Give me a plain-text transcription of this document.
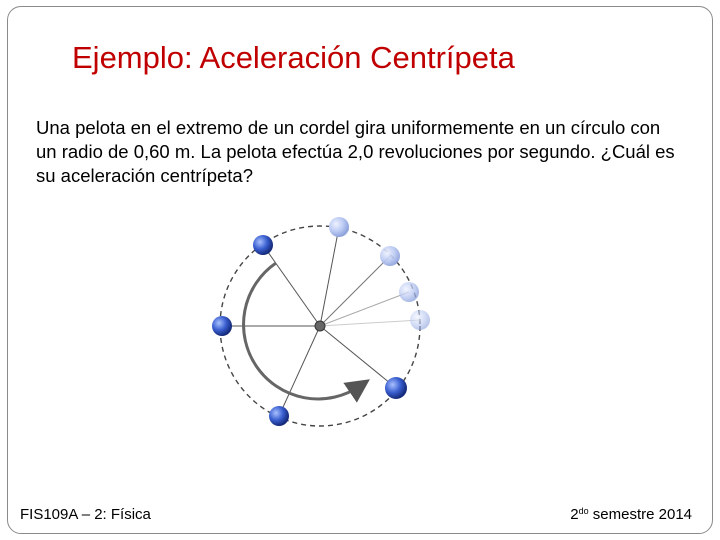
Ejemplo: Aceleración Centrípeta
Una pelota en el extremo de un cordel gira uniformemente en un círculo con un radio de 0,60 m. La pelota efectúa 2,0 revoluciones por segundo. ¿Cuál es su aceleración centrípeta?
FIS109A – 2: Física	$2^{do}$ semestre 2014
